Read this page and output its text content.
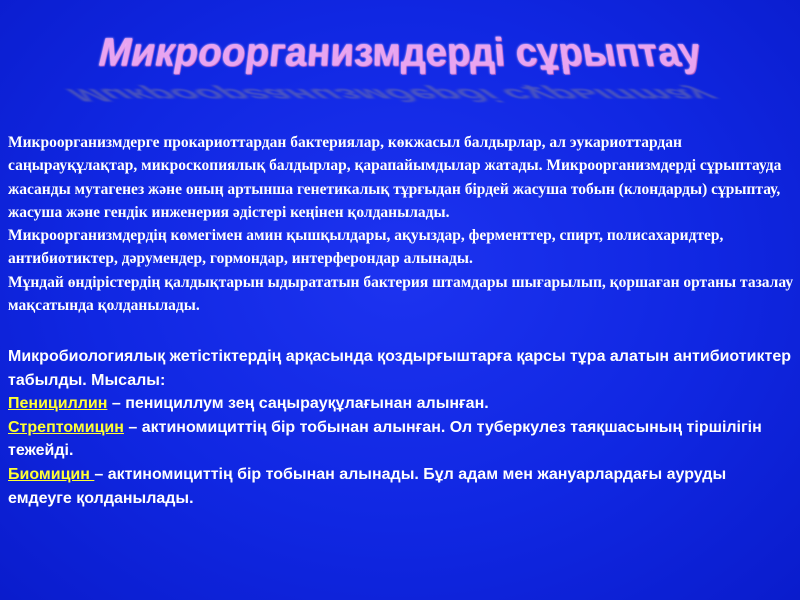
Микроорганизмдерді сұрыптау
Микроорганизмдерді сұрыптау

Микроорганизмдерге прокариоттардан бактериялар, көкжасыл балдырлар, ал эукариоттардан саңырауқұлақтар, микроскопиялық балдырлар, қарапайымдылар жатады. Микроорганизмдерді сұрыптауда жасанды мутагенез және оның артынша генетикалық тұрғыдан бірдей жасуша тобын (клондарды) сұрыптау, жасуша және гендік инженерия әдістері кеңінен қолданылады.

Микроорганизмдердің көмегімен амин қышқылдары, ақуыздар, ферменттер, спирт, полисахаридтер, антибиотиктер, дәрумендер, гормондар, интерферондар алынады.

Мұндай өндірістердің қалдықтарын ыдырататын бактерия штамдары шығарылып, қоршаған ортаны тазалау мақсатында қолданылады.

Микробиологиялық жетістіктердің арқасында қоздырғыштарға қарсы тұра алатын антибиотиктер табылды. Мысалы:

Пенициллин – пенициллум зең саңырауқұлағынан алынған.

Стрептомицин – актиномициттің бір тобынан алынған. Ол туберкулез таяқшасының тіршілігін тежейді.

Биомицин – актиномициттің бір тобынан алынады. Бұл адам мен жануарлардағы ауруды емдеуге қолданылады.
